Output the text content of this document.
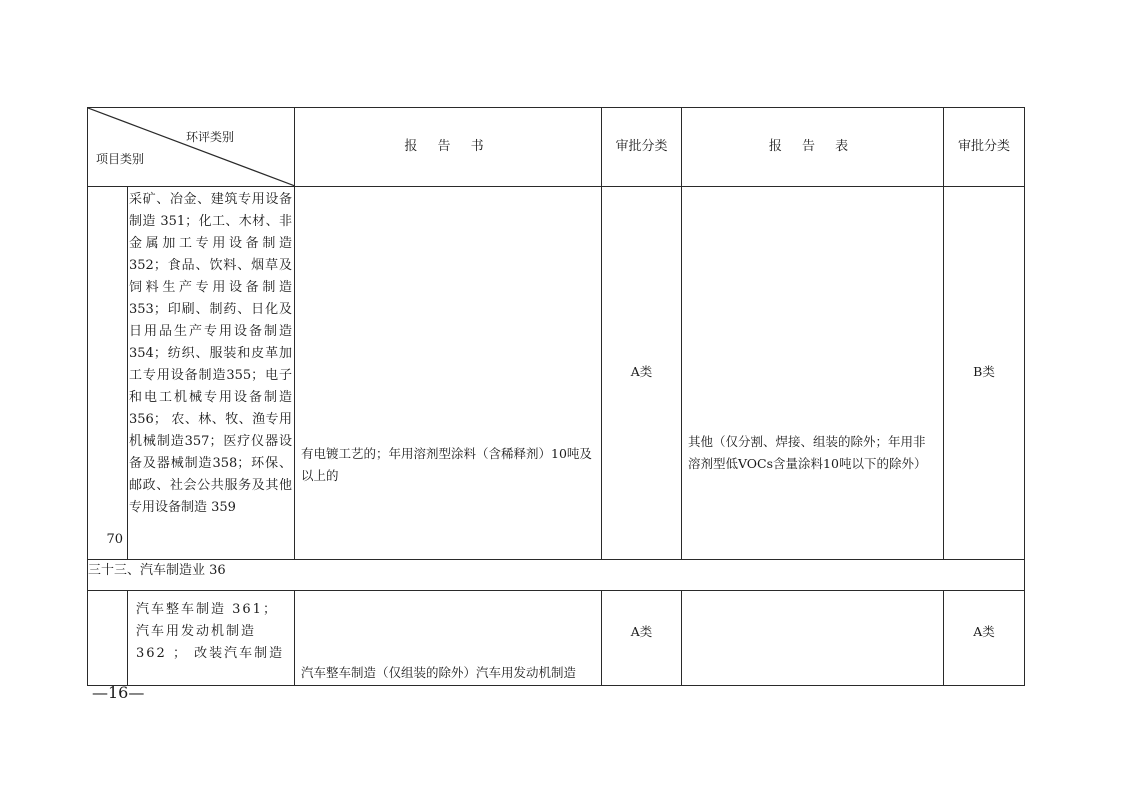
环评类别
项目类别		报 告 书	审批分类	报 告 表	审批分类

70	采矿、冶金、建筑专用设备制造 351；化工、木材、非金属加工专用设备制造352；食品、饮料、烟草及饲料生产专用设备制造 353；印刷、制药、日化及日用品生产专用设备制造 354；纺织、服装和皮革加工专用设备制造355；电子和电工机械专用设备制造 356； 农、林、牧、渔专用机械制造357；医疗仪器设备及器械制造358；环保、邮政、社会公共服务及其他专用设备制造 359	有电镀工艺的；年用溶剂型涂料（含稀释剂）10吨及以上的	A类	其他（仅分割、焊接、组装的除外；年用非溶剂型低VOCs含量涂料10吨以下的除外）	B类

三十三、汽车制造业 36					
	汽车整车制造 361；汽车用发动机制造 362 ； 改装汽车制造	汽车整车制造（仅组装的除外）汽车用发动机制造	A类		A类
—16—
